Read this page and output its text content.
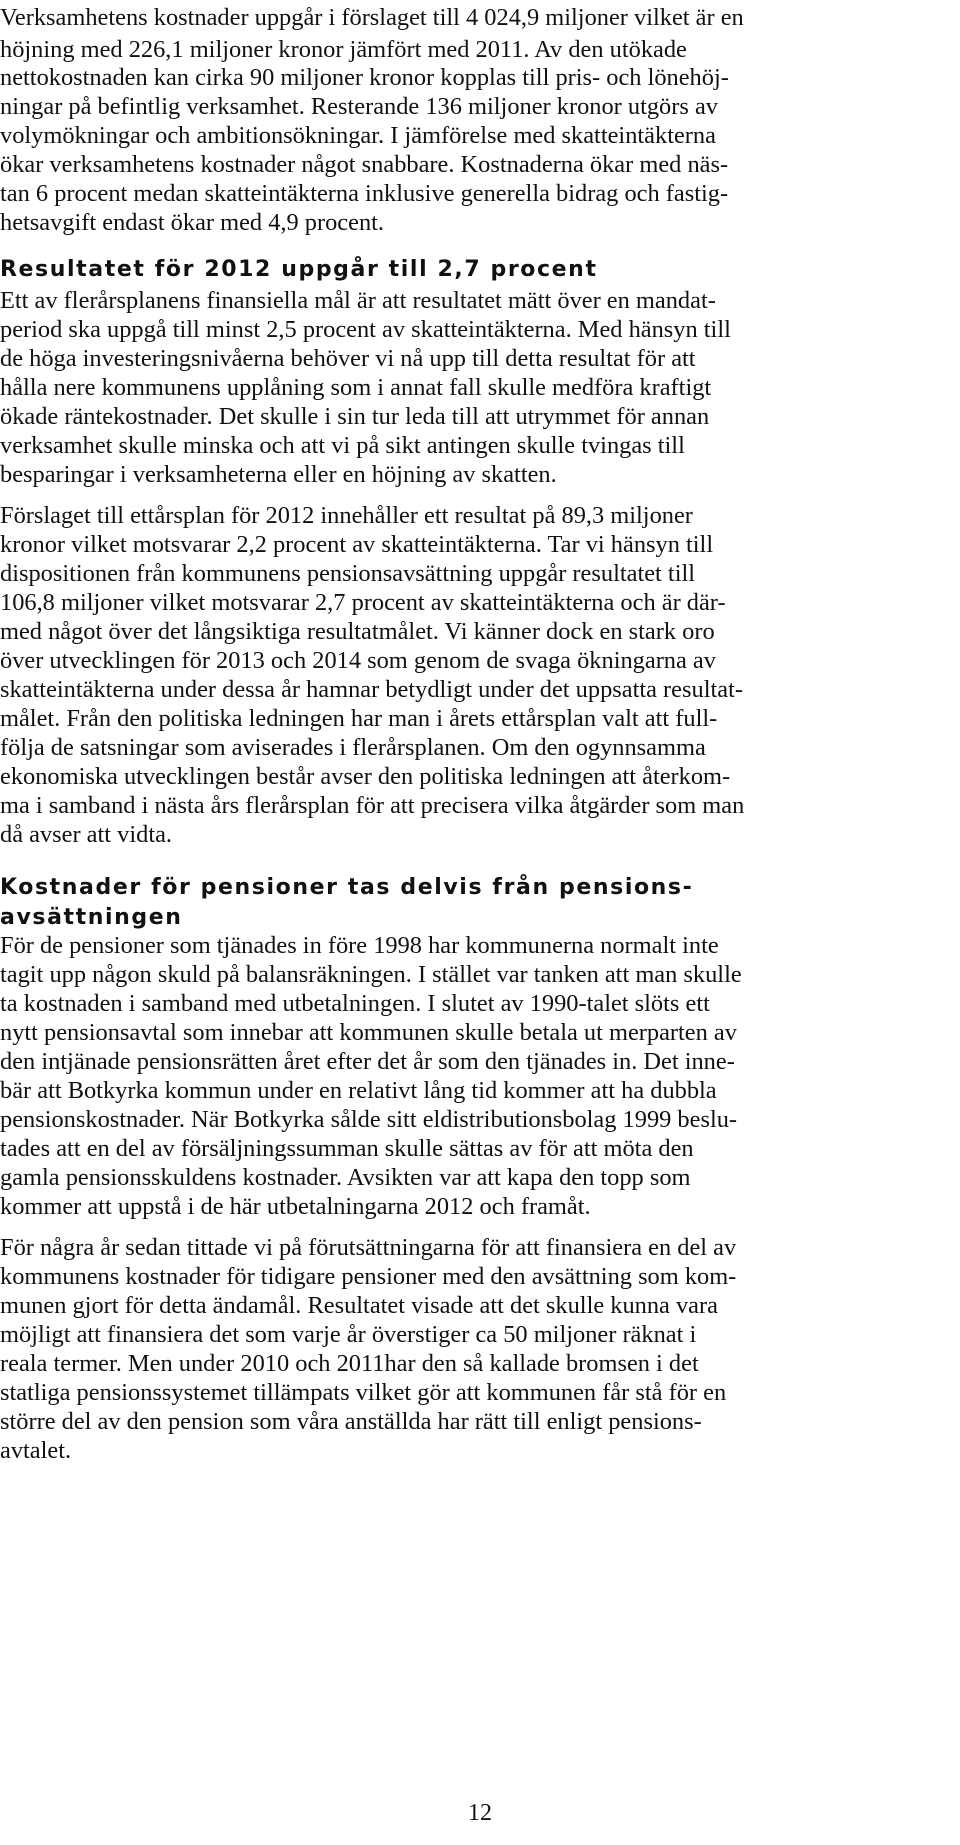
Verksamhetens kostnader uppgår i förslaget till 4 024,9 miljoner vilket är en
höjning med 226,1 miljoner kronor jämfört med 2011. Av den utökade
nettokostnaden kan cirka 90 miljoner kronor kopplas till pris- och lönehöj-
ningar på befintlig verksamhet. Resterande 136 miljoner kronor utgörs av
volymökningar och ambitionsökningar. I jämförelse med skatteintäkterna
ökar verksamhetens kostnader något snabbare. Kostnaderna ökar med näs-
tan 6 procent medan skatteintäkterna inklusive generella bidrag och fastig-
hetsavgift endast ökar med 4,9 procent.
Resultatet för 2012 uppgår till 2,7 procent
Ett av flerårsplanens finansiella mål är att resultatet mätt över en mandat-
period ska uppgå till minst 2,5 procent av skatteintäkterna. Med hänsyn till
de höga investeringsnivåerna behöver vi nå upp till detta resultat för att
hålla nere kommunens upplåning som i annat fall skulle medföra kraftigt
ökade räntekostnader. Det skulle i sin tur leda till att utrymmet för annan
verksamhet skulle minska och att vi på sikt antingen skulle tvingas till
besparingar i verksamheterna eller en höjning av skatten.
Förslaget till ettårsplan för 2012 innehåller ett resultat på 89,3 miljoner
kronor vilket motsvarar 2,2 procent av skatteintäkterna. Tar vi hänsyn till
dispositionen från kommunens pensionsavsättning uppgår resultatet till
106,8 miljoner vilket motsvarar 2,7 procent av skatteintäkterna och är där-
med något över det långsiktiga resultatmålet. Vi känner dock en stark oro
över utvecklingen för 2013 och 2014 som genom de svaga ökningarna av
skatteintäkterna under dessa år hamnar betydligt under det uppsatta resultat-
målet. Från den politiska ledningen har man i årets ettårsplan valt att full-
följa de satsningar som aviserades i flerårsplanen. Om den ogynnsamma
ekonomiska utvecklingen består avser den politiska ledningen att återkom-
ma i samband i nästa års flerårsplan för att precisera vilka åtgärder som man
då avser att vidta.
Kostnader för pensioner tas delvis från pensions-
avsättningen
För de pensioner som tjänades in före 1998 har kommunerna normalt inte
tagit upp någon skuld på balansräkningen. I stället var tanken att man skulle
ta kostnaden i samband med utbetalningen. I slutet av 1990-talet slöts ett
nytt pensionsavtal som innebar att kommunen skulle betala ut merparten av
den intjänade pensionsrätten året efter det år som den tjänades in. Det inne-
bär att Botkyrka kommun under en relativt lång tid kommer att ha dubbla
pensionskostnader. När Botkyrka sålde sitt eldistributionsbolag 1999 beslu-
tades att en del av försäljningssumman skulle sättas av för att möta den
gamla pensionsskuldens kostnader. Avsikten var att kapa den topp som
kommer att uppstå i de här utbetalningarna 2012 och framåt.
För några år sedan tittade vi på förutsättningarna för att finansiera en del av
kommunens kostnader för tidigare pensioner med den avsättning som kom-
munen gjort för detta ändamål. Resultatet visade att det skulle kunna vara
möjligt att finansiera det som varje år överstiger ca 50 miljoner räknat i
reala termer. Men under 2010 och 2011har den så kallade bromsen i det
statliga pensionssystemet tillämpats vilket gör att kommunen får stå för en
större del av den pension som våra anställda har rätt till enligt pensions-
avtalet.
12
